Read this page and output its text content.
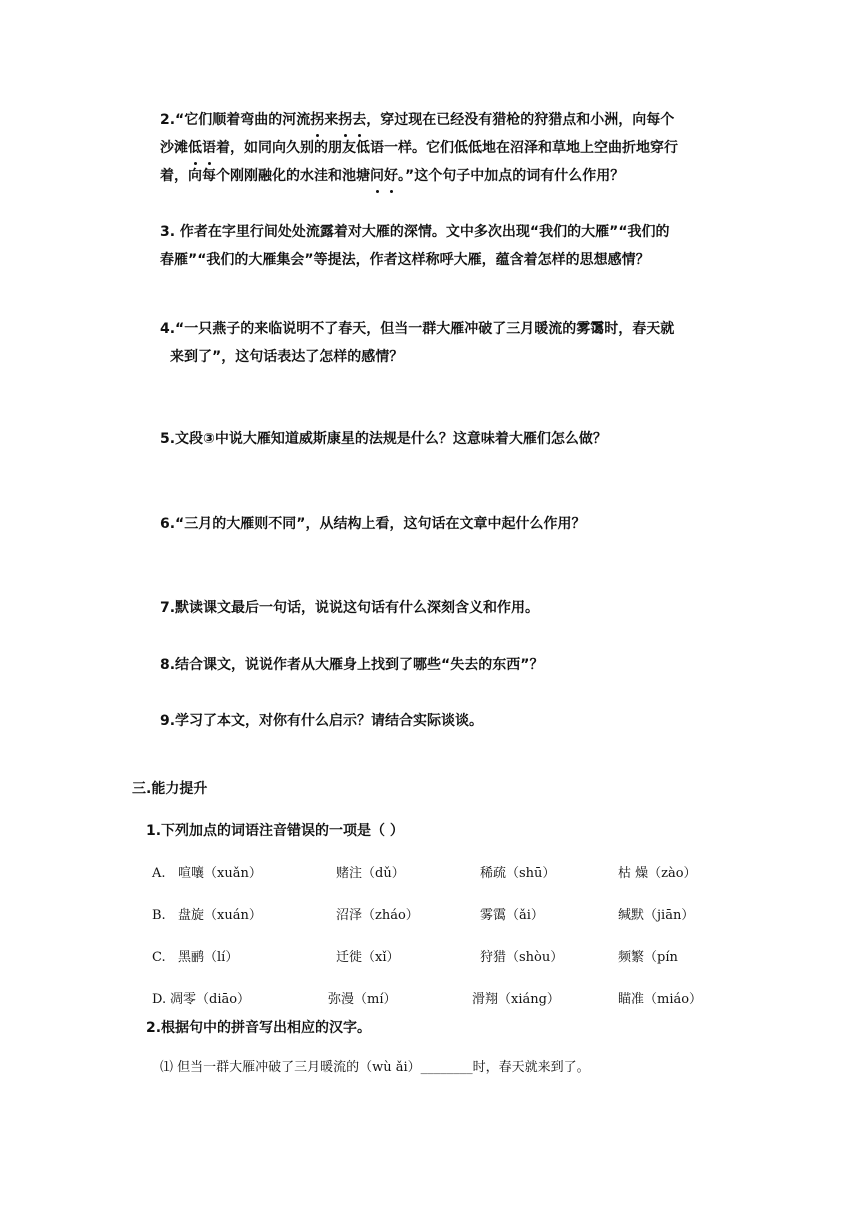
2.“它们顺着弯曲的河流拐来拐去，穿过现在已经没有猎枪的狩猎点和小洲，向每个
沙滩低语着，如同向久别的朋友低语一样。它们低低地在沼泽和草地上空曲折地穿行
着，向每个刚刚融化的水洼和池塘问好。”这个句子中加点的词有什么作用？
3. 作者在字里行间处处流露着对大雁的深情。文中多次出现“我们的大雁”“我们的
春雁”“我们的大雁集会”等提法，作者这样称呼大雁，蕴含着怎样的思想感情？
4.“一只燕子的来临说明不了春天，但当一群大雁冲破了三月暖流的雾霭时，春天就
来到了”，这句话表达了怎样的感情？
5.文段③中说大雁知道威斯康星的法规是什么？这意味着大雁们怎么做？
6.“三月的大雁则不同”，从结构上看，这句话在文章中起什么作用？
7.默读课文最后一句话，说说这句话有什么深刻含义和作用。
8.结合课文，说说作者从大雁身上找到了哪些“失去的东西”？
9.学习了本文，对你有什么启示？请结合实际谈谈。
三.能力提升
1.下列加点的词语注音错误的一项是（ ）
A. 喧嚷（xuǎn）	赌注（dǔ）	稀疏（shū）	枯 燥（zào）
B. 盘旋（xuán）	沼泽（zháo）	雾霭（ǎi）	缄默（jiān）
C. 黑鹂（lí）	迁徙（xǐ）	狩猎（shòu）	频繁（pín
D. 凋零（diāo）	弥漫（mí）	滑翔（xiáng）	瞄准（miáo）
2.根据句中的拼音写出相应的汉字。
⑴ 但当一群大雁冲破了三月暖流的（wù ǎi）________时，春天就来到了。
